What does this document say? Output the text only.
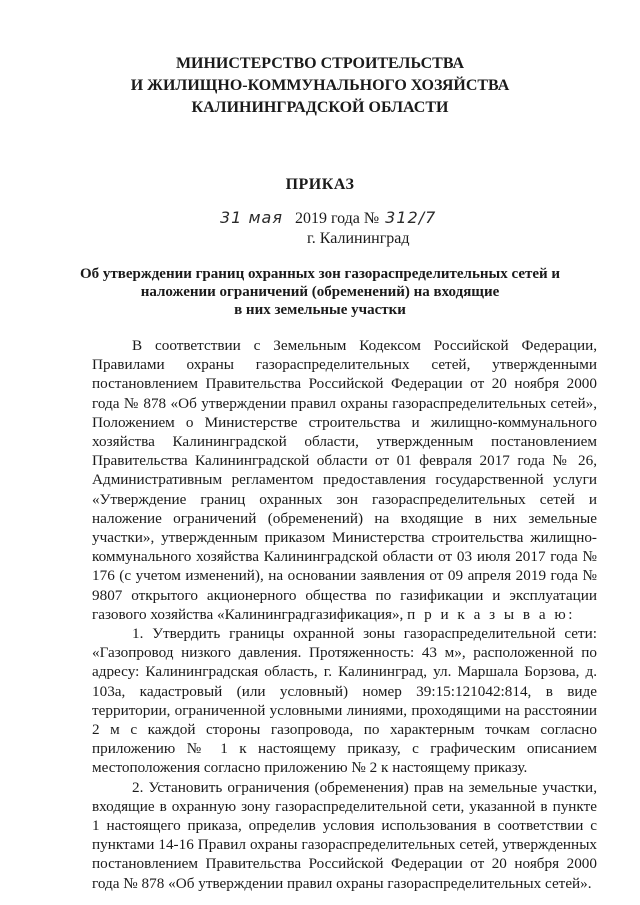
МИНИСТЕРСТВО СТРОИТЕЛЬСТВА
И ЖИЛИЩНО-КОММУНАЛЬНОГО ХОЗЯЙСТВА
КАЛИНИНГРАДСКОЙ ОБЛАСТИ
ПРИКАЗ
31 мая 2019 года № 312/7
г. Калининград
Об утверждении границ охранных зон газораспределительных сетей и
наложении ограничений (обременений) на входящие
в них земельные участки

В соответствии с Земельным Кодексом Российской Федерации, Правилами охраны газораспределительных сетей, утвержденными постановлением Правительства Российской Федерации от 20 ноября 2000 года № 878 «Об утверждении правил охраны газораспределительных сетей», Положением о Министерстве строительства и жилищно-коммунального хозяйства Калининградской области, утвержденным постановлением Правительства Калининградской области от 01 февраля 2017 года № 26, Административным регламентом предоставления государственной услуги «Утверждение границ охранных зон газораспределительных сетей и наложение ограничений (обременений) на входящие в них земельные участки», утвержденным приказом Министерства строительства жилищно-коммунального хозяйства Калининградской области от 03 июля 2017 года № 176 (с учетом изменений), на основании заявления от 09 апреля 2019 года № 9807 открытого акционерного общества по газификации и эксплуатации газового хозяйства «Калининградгазификация», п р и к а з ы в а ю:

1. Утвердить границы охранной зоны газораспределительной сети: «Газопровод низкого давления. Протяженность: 43 м», расположенной по адресу: Калининградская область, г. Калининград, ул. Маршала Борзова, д. 103а, кадастровый (или условный) номер 39:15:121042:814, в виде территории, ограниченной условными линиями, проходящими на расстоянии 2 м с каждой стороны газопровода, по характерным точкам согласно приложению № 1 к настоящему приказу, с графическим описанием местоположения согласно приложению № 2 к настоящему приказу.

2. Установить ограничения (обременения) прав на земельные участки, входящие в охранную зону газораспределительной сети, указанной в пункте 1 настоящего приказа, определив условия использования в соответствии с пунктами 14-16 Правил охраны газораспределительных сетей, утвержденных постановлением Правительства Российской Федерации от 20 ноября 2000 года № 878 «Об утверждении правил охраны газораспределительных сетей».
